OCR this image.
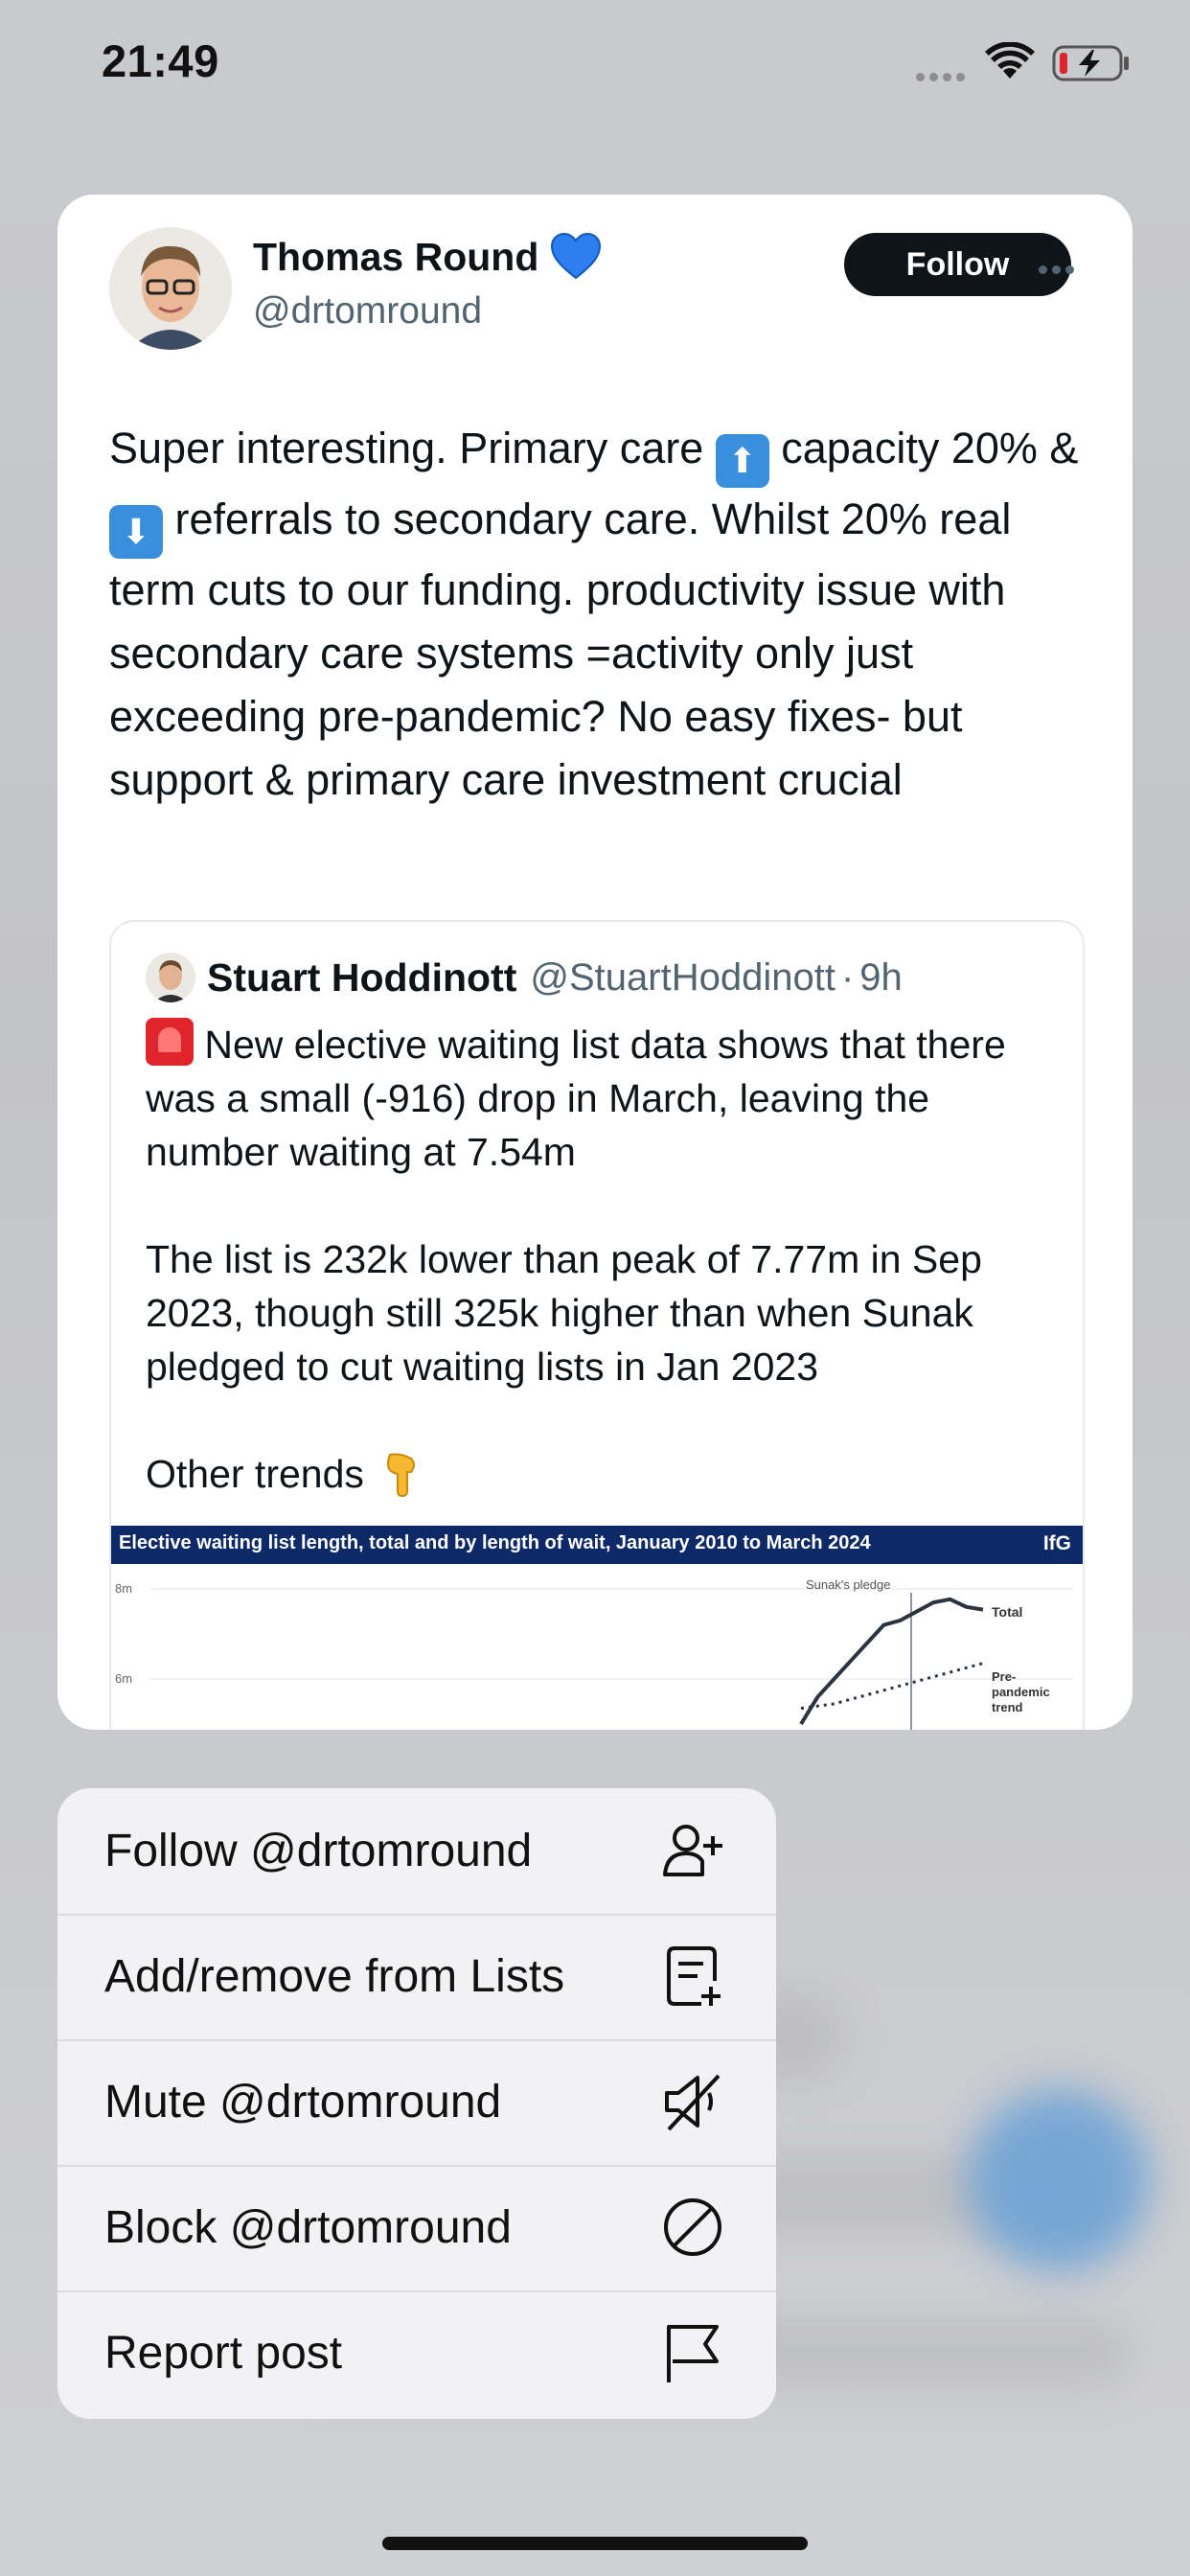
21:49
Thomas Round
@drtomround
Follow
Super interesting. Primary care ⬆ capacity 20% & ⬇ referrals to secondary care. Whilst 20% real term cuts to our funding. productivity issue with secondary care systems =activity only just exceeding pre-pandemic? No easy fixes- but support & primary care investment crucial
Stuart Hoddinott @StuartHoddinott · 9h

New elective waiting list data shows that there was a small (-916) drop in March, leaving the number waiting at 7.54m

The list is 232k lower than peak of 7.77m in Sep 2023, though still 325k higher than when Sunak pledged to cut waiting lists in Jan 2023

Other trends

Elective waiting list length, total and by length of wait, January 2010 to March 2024	IfG
8m
6m
Sunak's pledge
Total
Pre-pandemic trend
Follow @drtomround
Add/remove from Lists
Mute @drtomround
Block @drtomround
Report post
